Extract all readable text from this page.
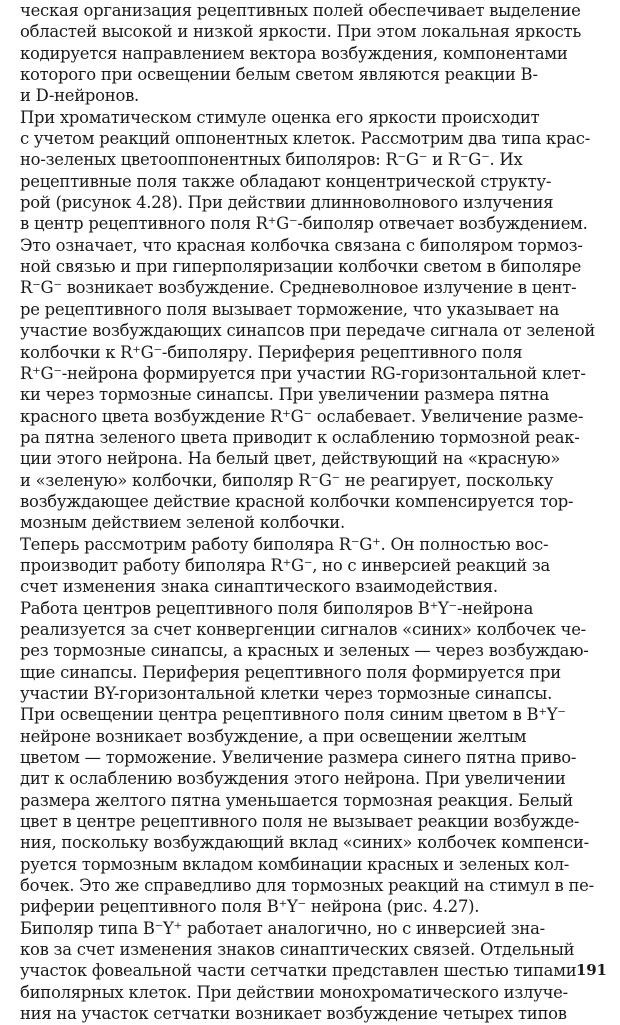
ческая организация рецептивных полей обеспечивает выделение
областей высокой и низкой яркости. При этом локальная яркость
кодируется направлением вектора возбуждения, компонентами
которого при освещении белым светом являются реакции B-
и D-нейронов.
При хроматическом стимуле оценка его яркости происходит
с учетом реакций оппонентных клеток. Рассмотрим два типа крас-
но-зеленых цветооппонентных биполяров: R⁻G⁻ и R⁻G⁻. Их
рецептивные поля также обладают концентрической структу-
рой (рисунок 4.28). При действии длинноволнового излучения
в центр рецептивного поля R⁺G⁻-биполяр отвечает возбуждением.
Это означает, что красная колбочка связана с биполяром тормоз-
ной связью и при гиперполяризации колбочки светом в биполяре
R⁻G⁻ возникает возбуждение. Средневолновое излучение в цент-
ре рецептивного поля вызывает торможение, что указывает на
участие возбуждающих синапсов при передаче сигнала от зеленой
колбочки к R⁺G⁻-биполяру. Периферия рецептивного поля
R⁺G⁻-нейрона формируется при участии RG-горизонтальной клет-
ки через тормозные синапсы. При увеличении размера пятна
красного цвета возбуждение R⁺G⁻ ослабевает. Увеличение разме-
ра пятна зеленого цвета приводит к ослаблению тормозной реак-
ции этого нейрона. На белый цвет, действующий на «красную»
и «зеленую» колбочки, биполяр R⁻G⁻ не реагирует, поскольку
возбуждающее действие красной колбочки компенсируется тор-
мозным действием зеленой колбочки.
Теперь рассмотрим работу биполяра R⁻G⁺. Он полностью вос-
производит работу биполяра R⁺G⁻, но с инверсией реакций за
счет изменения знака синаптического взаимодействия.
Работа центров рецептивного поля биполяров B⁺Y⁻-нейрона
реализуется за счет конвергенции сигналов «синих» колбочек че-
рез тормозные синапсы, а красных и зеленых — через возбуждаю-
щие синапсы. Периферия рецептивного поля формируется при
участии BY-горизонтальной клетки через тормозные синапсы.
При освещении центра рецептивного поля синим цветом в B⁺Y⁻
нейроне возникает возбуждение, а при освещении желтым
цветом — торможение. Увеличение размера синего пятна приво-
дит к ослаблению возбуждения этого нейрона. При увеличении
размера желтого пятна уменьшается тормозная реакция. Белый
цвет в центре рецептивного поля не вызывает реакции возбужде-
ния, поскольку возбуждающий вклад «синих» колбочек компенси-
руется тормозным вкладом комбинации красных и зеленых кол-
бочек. Это же справедливо для тормозных реакций на стимул в пе-
риферии рецептивного поля B⁺Y⁻ нейрона (рис. 4.27).
Биполяр типа B⁻Y⁺ работает аналогично, но с инверсией зна-
ков за счет изменения знаков синаптических связей. Отдельный
участок фовеальной части сетчатки представлен шестью типами
биполярных клеток. При действии монохроматического излуче-
ния на участок сетчатки возникает возбуждение четырех типов
191
